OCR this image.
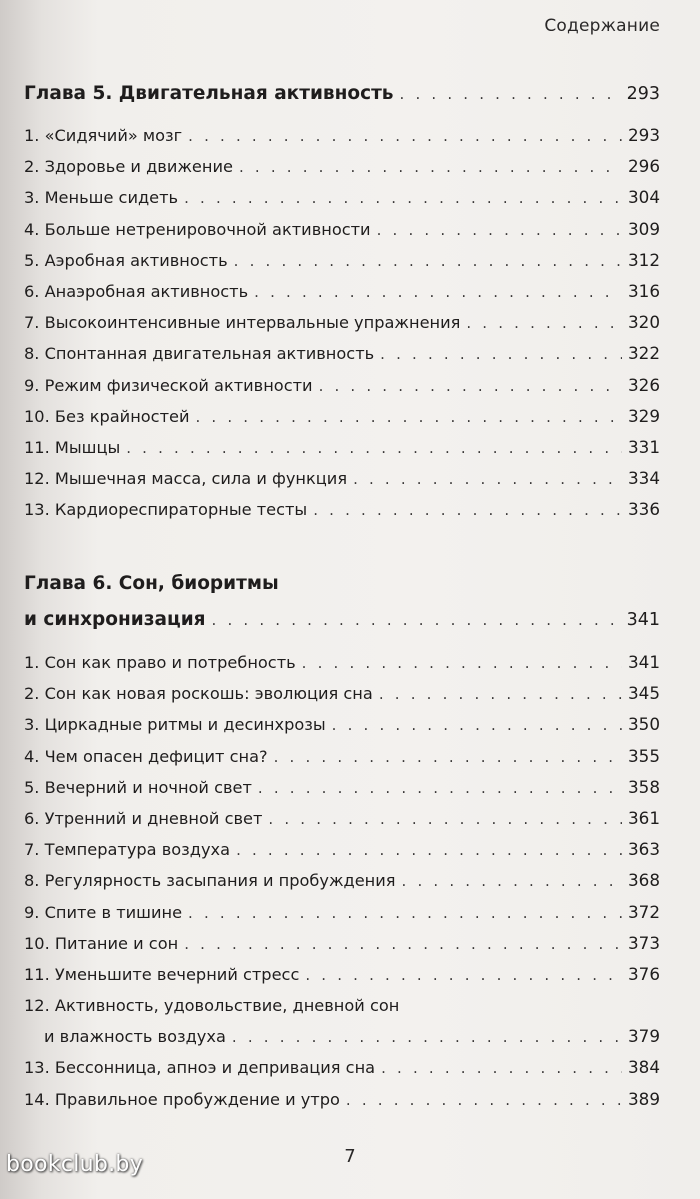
Содержание
Глава 5. Двигательная активность . . .	293
1. «Сидячий» мозг . . .	293
2. Здоровье и движение . . .	296
3. Меньше сидеть . . .	304
4. Больше нетренировочной активности . . .	309
5. Аэробная активность . . .	312
6. Анаэробная активность . . .	316
7. Высокоинтенсивные интервальные упражнения . . .	320
8. Спонтанная двигательная активность . . .	322
9. Режим физической активности . . .	326
10. Без крайностей . . .	329
11. Мышцы . . .	331
12. Мышечная масса, сила и функция . . .	334
13. Кардиореспираторные тесты . . .	336
Глава 6. Сон, биоритмы
и синхронизация . . .	341
1. Сон как право и потребность . . .	341
2. Сон как новая роскошь: эволюция сна . . .	345
3. Циркадные ритмы и десинхрозы . . .	350
4. Чем опасен дефицит сна? . . .	355
5. Вечерний и ночной свет . . .	358
6. Утренний и дневной свет . . .	361
7. Температура воздуха . . .	363
8. Регулярность засыпания и пробуждения . . .	368
9. Спите в тишине . . .	372
10. Питание и сон . . .	373
11. Уменьшите вечерний стресс . . .	376
12. Активность, удовольствие, дневной сон
и влажность воздуха . . .	379
13. Бессонница, апноэ и депривация сна . . .	384
14. Правильное пробуждение и утро . . .	389
7
bookclub.by
